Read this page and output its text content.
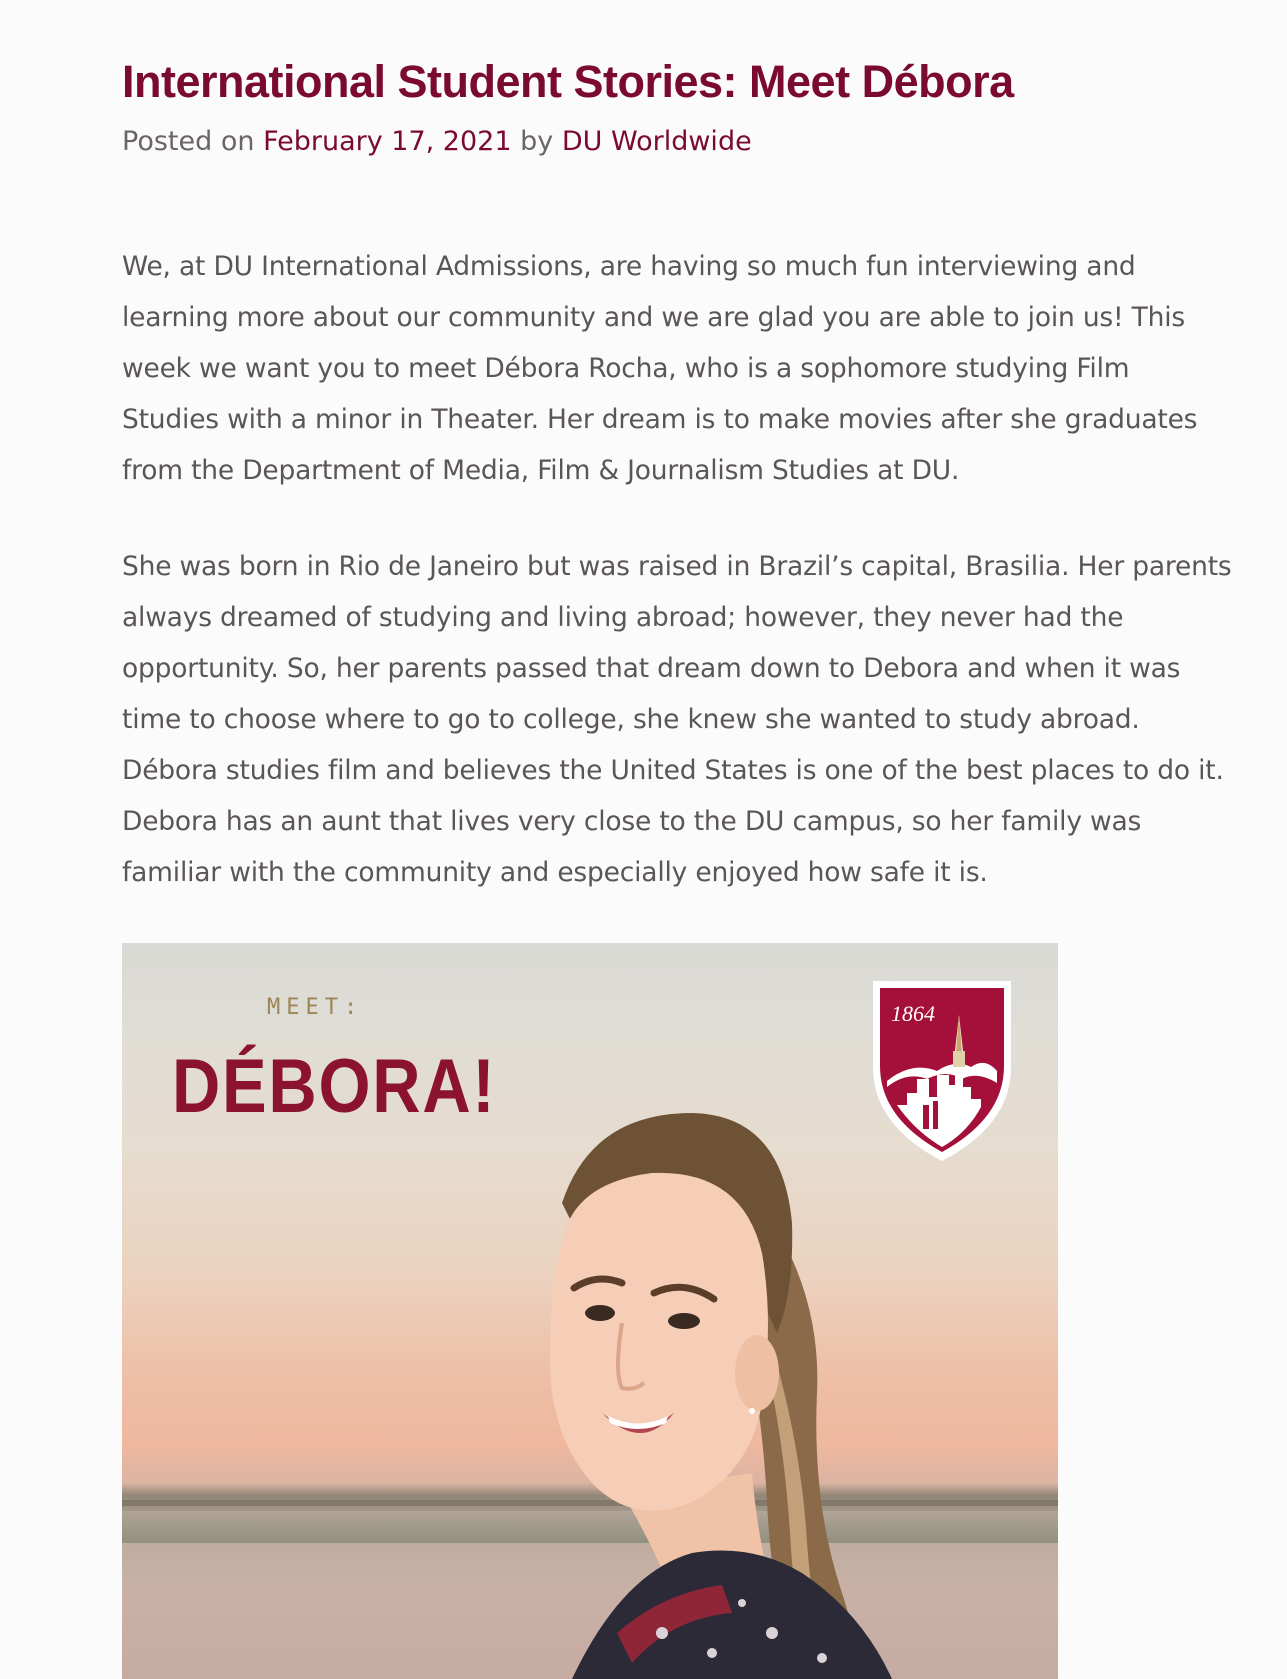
International Student Stories: Meet Débora
Posted on February 17, 2021 by DU Worldwide

We, at DU International Admissions, are having so much fun interviewing and learning more about our community and we are glad you are able to join us! This week we want you to meet Débora Rocha, who is a sophomore studying Film Studies with a minor in Theater. Her dream is to make movies after she graduates from the Department of Media, Film & Journalism Studies at DU.

She was born in Rio de Janeiro but was raised in Brazil’s capital, Brasilia. Her parents always dreamed of studying and living abroad; however, they never had the opportunity. So, her parents passed that dream down to Debora and when it was time to choose where to go to college, she knew she wanted to study abroad. Débora studies film and believes the United States is one of the best places to do it. Debora has an aunt that lives very close to the DU campus, so her family was familiar with the community and especially enjoyed how safe it is.

MEET:
DÉBORA!
1864
